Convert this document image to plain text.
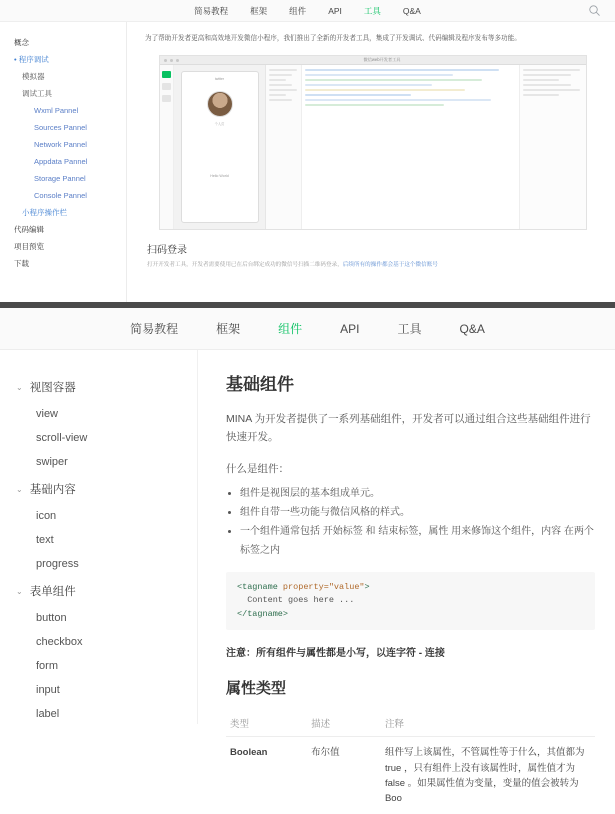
简易教程	框架	组件	API	工具	Q&A
概念
• 程序调试
模拟器
调试工具
Wxml Pannel
Sources Pannel
Network Pannel
Appdata Pannel
Storage Pannel
Console Pannel
小程序操作栏
代码编辑
项目预览
下载

为了帮助开发者更高和高效地开发微信小程序，我们推出了全新的开发者工具，集成了开发调试、代码编辑及程序发布等多功能。

微信web开发者工具
twitter
个人页
Hello World
扫码登录
打开开发者工具，开发者需要使用已在后台绑定成功的微信号扫描二维码登录，后续所有的操作都会基于这个微信账号
简易教程	框架	组件	API	工具	Q&A
⌄ 视图容器
view
scroll-view
swiper
⌄ 基础内容
icon
text
progress
⌄ 表单组件
button
checkbox
form
input
label
基础组件

MINA 为开发者提供了一系列基础组件，开发者可以通过组合这些基础组件进行快速开发。

什么是组件：

• 组件是视图层的基本组成单元。
• 组件自带一些功能与微信风格的样式。
• 一个组件通常包括 开始标签 和 结束标签，属性 用来修饰这个组件，内容 在两个标签之内
<tagname property="value">
Content goes here ...
</tagname>

注意：所有组件与属性都是小写，以连字符 - 连接

属性类型
类型	描述	注释
Boolean	布尔值	组件写上该属性，不管属性等于什么，其值都为 true ，只有组件上没有该属性时，属性值才为 false 。如果属性值为变量，变量的值会被转为Boo
